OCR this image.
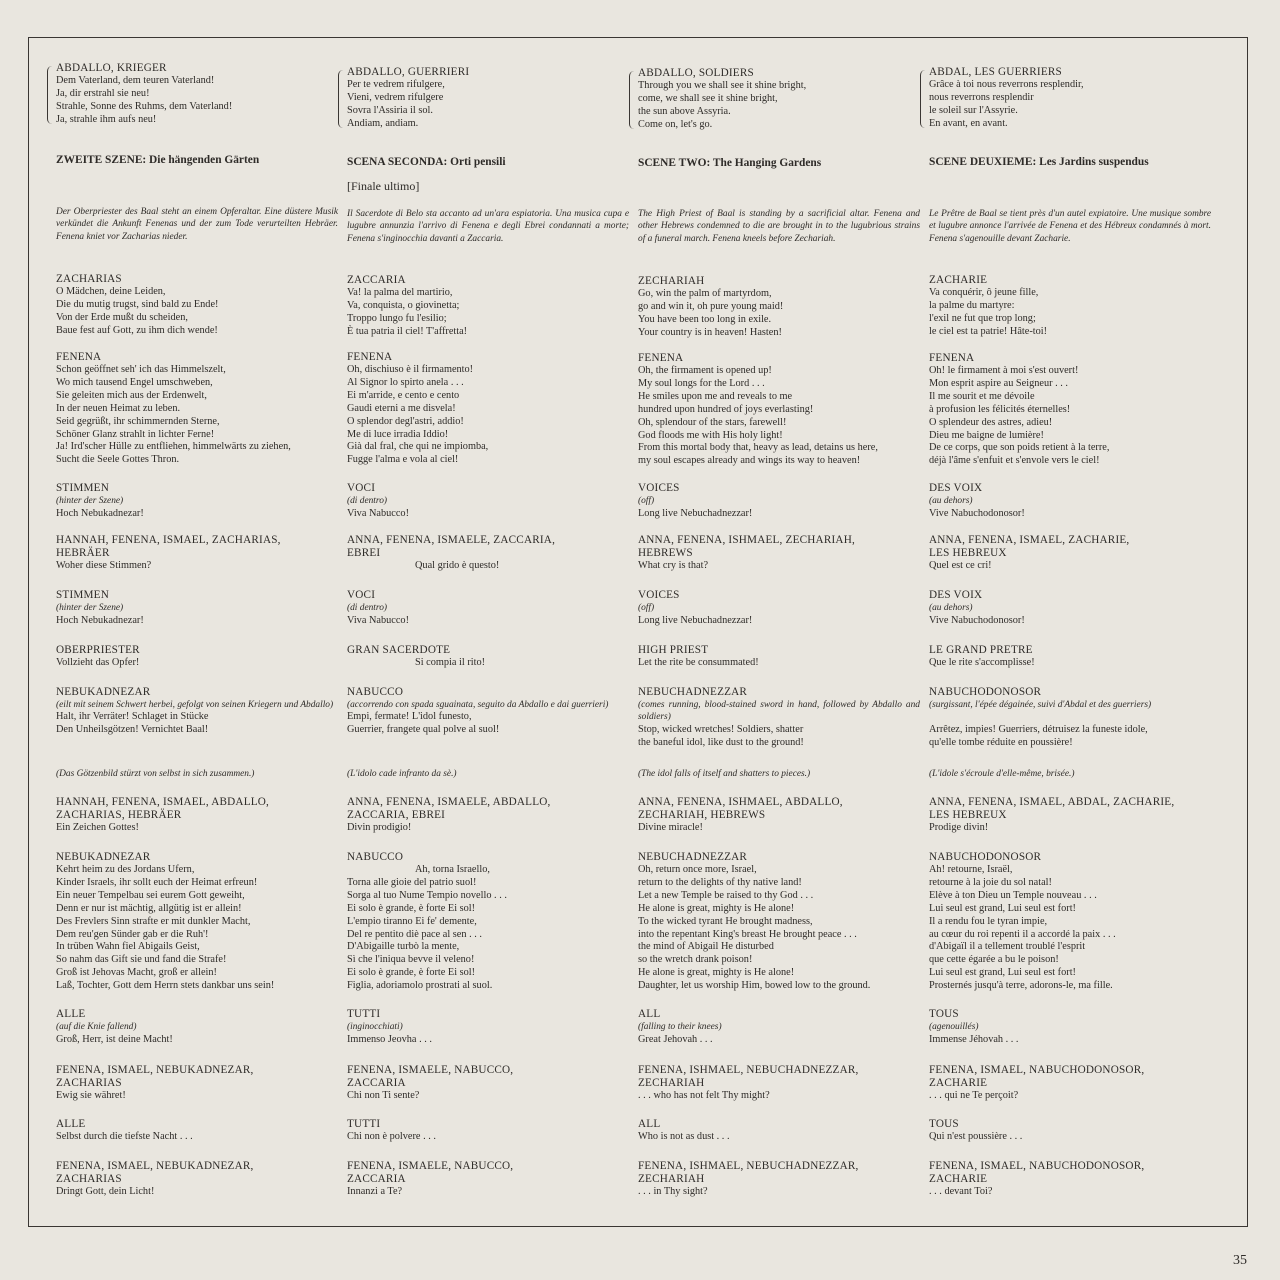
ABDALLO, KRIEGER
Dem Vaterland, dem teuren Vaterland!
Ja, dir erstrahl sie neu!
Strahle, Sonne des Ruhms, dem Vaterland!
Ja, strahle ihm aufs neu!
ZWEITE SZENE: Die hängenden Gärten
Der Oberpriester des Baal steht an einem Opferaltar. Eine düstere Musik verkündet die Ankunft Fenenas und der zum Tode verurteilten Hebräer. Fenena kniet vor Zacharias nieder.
ZACHARIAS
O Mädchen, deine Leiden,
Die du mutig trugst, sind bald zu Ende!
Von der Erde mußt du scheiden,
Baue fest auf Gott, zu ihm dich wende!
FENENA
Schon geöffnet seh' ich das Himmelszelt,
Wo mich tausend Engel umschweben,
Sie geleiten mich aus der Erdenwelt,
In der neuen Heimat zu leben.
Seid gegrüßt, ihr schimmernden Sterne,
Schöner Glanz strahlt in lichter Ferne!
Ja! Ird'scher Hülle zu entfliehen, himmelwärts zu ziehen,
Sucht die Seele Gottes Thron.
STIMMEN
(hinter der Szene)
Hoch Nebukadnezar!
HANNAH, FENENA, ISMAEL, ZACHARIAS,
HEBRÄER
Woher diese Stimmen?
STIMMEN
(hinter der Szene)
Hoch Nebukadnezar!
OBERPRIESTER
Vollzieht das Opfer!
NEBUKADNEZAR
(eilt mit seinem Schwert herbei, gefolgt von seinen Kriegern und Abdallo)
Halt, ihr Verräter! Schlaget in Stücke
Den Unheilsgötzen! Vernichtet Baal!
(Das Götzenbild stürzt von selbst in sich zusammen.)
HANNAH, FENENA, ISMAEL, ABDALLO,
ZACHARIAS, HEBRÄER
Ein Zeichen Gottes!
NEBUKADNEZAR
Kehrt heim zu des Jordans Ufern,
Kinder Israels, ihr sollt euch der Heimat erfreun!
Ein neuer Tempelbau sei eurem Gott geweiht,
Denn er nur ist mächtig, allgütig ist er allein!
Des Frevlers Sinn strafte er mit dunkler Macht,
Dem reu'gen Sünder gab er die Ruh'!
In trüben Wahn fiel Abigails Geist,
So nahm das Gift sie und fand die Strafe!
Groß ist Jehovas Macht, groß er allein!
Laß, Tochter, Gott dem Herrn stets dankbar uns sein!
ALLE
(auf die Knie fallend)
Groß, Herr, ist deine Macht!
FENENA, ISMAEL, NEBUKADNEZAR,
ZACHARIAS
Ewig sie währet!
ALLE
Selbst durch die tiefste Nacht . . .
FENENA, ISMAEL, NEBUKADNEZAR,
ZACHARIAS
Dringt Gott, dein Licht!
ABDALLO, GUERRIERI
Per te vedrem rifulgere,
Vieni, vedrem rifulgere
Sovra l'Assiria il sol.
Andiam, andiam.
SCENA SECONDA: Orti pensili
[Finale ultimo]
Il Sacerdote di Belo sta accanto ad un'ara espiatoria. Una musica cupa e lugubre annunzia l'arrivo di Fenena e degli Ebrei condannati a morte; Fenena s'inginocchia davanti a Zaccaria.
ZACCARIA
Va! la palma del martirio,
Va, conquista, o giovinetta;
Troppo lungo fu l'esilio;
È tua patria il ciel! T'affretta!
FENENA
Oh, dischiuso è il firmamento!
Al Signor lo spirto anela . . .
Ei m'arride, e cento e cento
Gaudi eterni a me disvela!
O splendor degl'astri, addio!
Me di luce irradia Iddio!
Già dal fral, che qui ne impiomba,
Fugge l'alma e vola al ciel!
VOCI
(di dentro)
Viva Nabucco!
ANNA, FENENA, ISMAELE, ZACCARIA,
EBREI
Qual grido è questo!
VOCI
(di dentro)
Viva Nabucco!
GRAN SACERDOTE
Si compia il rito!
NABUCCO
(accorrendo con spada sguainata, seguito da Abdallo e dai guerrieri)
Empi, fermate! L'idol funesto,
Guerrier, frangete qual polve al suol!
(L'idolo cade infranto da sè.)
ANNA, FENENA, ISMAELE, ABDALLO,
ZACCARIA, EBREI
Divin prodigio!
NABUCCO
Ah, torna Israello,
Torna alle gioie del patrio suol!
Sorga al tuo Nume Tempio novello . . .
Ei solo è grande, è forte Ei sol!
L'empio tiranno Ei fe' demente,
Del re pentito diè pace al sen . . .
D'Abigaille turbò la mente,
Sì che l'iniqua bevve il veleno!
Ei solo è grande, è forte Ei sol!
Figlia, adoriamolo prostrati al suol.
TUTTI
(inginocchiati)
Immenso Jeovha . . .
FENENA, ISMAELE, NABUCCO,
ZACCARIA
Chi non Ti sente?
TUTTI
Chi non è polvere . . .
FENENA, ISMAELE, NABUCCO,
ZACCARIA
Innanzi a Te?
ABDALLO, SOLDIERS
Through you we shall see it shine bright,
come, we shall see it shine bright,
the sun above Assyria.
Come on, let's go.
SCENE TWO: The Hanging Gardens
The High Priest of Baal is standing by a sacrificial altar. Fenena and other Hebrews condemned to die are brought in to the lugubrious strains of a funeral march. Fenena kneels before Zechariah.
ZECHARIAH
Go, win the palm of martyrdom,
go and win it, oh pure young maid!
You have been too long in exile.
Your country is in heaven! Hasten!
FENENA
Oh, the firmament is opened up!
My soul longs for the Lord . . .
He smiles upon me and reveals to me
hundred upon hundred of joys everlasting!
Oh, splendour of the stars, farewell!
God floods me with His holy light!
From this mortal body that, heavy as lead, detains us here,
my soul escapes already and wings its way to heaven!
VOICES
(off)
Long live Nebuchadnezzar!
ANNA, FENENA, ISHMAEL, ZECHARIAH,
HEBREWS
What cry is that?
VOICES
(off)
Long live Nebuchadnezzar!
HIGH PRIEST
Let the rite be consummated!
NEBUCHADNEZZAR
(comes running, blood-stained sword in hand, followed by Abdallo and soldiers)
Stop, wicked wretches! Soldiers, shatter
the baneful idol, like dust to the ground!
(The idol falls of itself and shatters to pieces.)
ANNA, FENENA, ISHMAEL, ABDALLO,
ZECHARIAH, HEBREWS
Divine miracle!
NEBUCHADNEZZAR
Oh, return once more, Israel,
return to the delights of thy native land!
Let a new Temple be raised to thy God . . .
He alone is great, mighty is He alone!
To the wicked tyrant He brought madness,
into the repentant King's breast He brought peace . . .
the mind of Abigail He disturbed
so the wretch drank poison!
He alone is great, mighty is He alone!
Daughter, let us worship Him, bowed low to the ground.
ALL
(falling to their knees)
Great Jehovah . . .
FENENA, ISHMAEL, NEBUCHADNEZZAR,
ZECHARIAH
. . . who has not felt Thy might?
ALL
Who is not as dust . . .
FENENA, ISHMAEL, NEBUCHADNEZZAR,
ZECHARIAH
. . . in Thy sight?
ABDAL, LES GUERRIERS
Grâce à toi nous reverrons resplendir,
nous reverrons resplendir
le soleil sur l'Assyrie.
En avant, en avant.
SCENE DEUXIEME: Les Jardins suspendus
Le Prêtre de Baal se tient près d'un autel expiatoire. Une musique sombre et lugubre annonce l'arrivée de Fenena et des Hébreux condamnés à mort. Fenena s'agenouille devant Zacharie.
ZACHARIE
Va conquérir, ô jeune fille,
la palme du martyre:
l'exil ne fut que trop long;
le ciel est ta patrie! Hâte-toi!
FENENA
Oh! le firmament à moi s'est ouvert!
Mon esprit aspire au Seigneur . . .
Il me sourit et me dévoile
à profusion les félicités éternelles!
O splendeur des astres, adieu!
Dieu me baigne de lumière!
De ce corps, que son poids retient à la terre,
déjà l'âme s'enfuit et s'envole vers le ciel!
DES VOIX
(au dehors)
Vive Nabuchodonosor!
ANNA, FENENA, ISMAEL, ZACHARIE,
LES HEBREUX
Quel est ce cri!
DES VOIX
(au dehors)
Vive Nabuchodonosor!
LE GRAND PRETRE
Que le rite s'accomplisse!
NABUCHODONOSOR
(surgissant, l'épée dégainée, suivi d'Abdal et des guerriers)
Arrêtez, impies! Guerriers, détruisez la funeste idole,
qu'elle tombe réduite en poussière!
(L'idole s'écroule d'elle-même, brisée.)
ANNA, FENENA, ISMAEL, ABDAL, ZACHARIE,
LES HEBREUX
Prodige divin!
NABUCHODONOSOR
Ah! retourne, Israël,
retourne à la joie du sol natal!
Elève à ton Dieu un Temple nouveau . . .
Lui seul est grand, Lui seul est fort!
Il a rendu fou le tyran impie,
au cœur du roi repenti il a accordé la paix . . .
d'Abigaïl il a tellement troublé l'esprit
que cette égarée a bu le poison!
Lui seul est grand, Lui seul est fort!
Prosternés jusqu'à terre, adorons-le, ma fille.
TOUS
(agenouillés)
Immense Jéhovah . . .
FENENA, ISMAEL, NABUCHODONOSOR,
ZACHARIE
. . . qui ne Te perçoit?
TOUS
Qui n'est poussière . . .
FENENA, ISMAEL, NABUCHODONOSOR,
ZACHARIE
. . . devant Toi?
35
